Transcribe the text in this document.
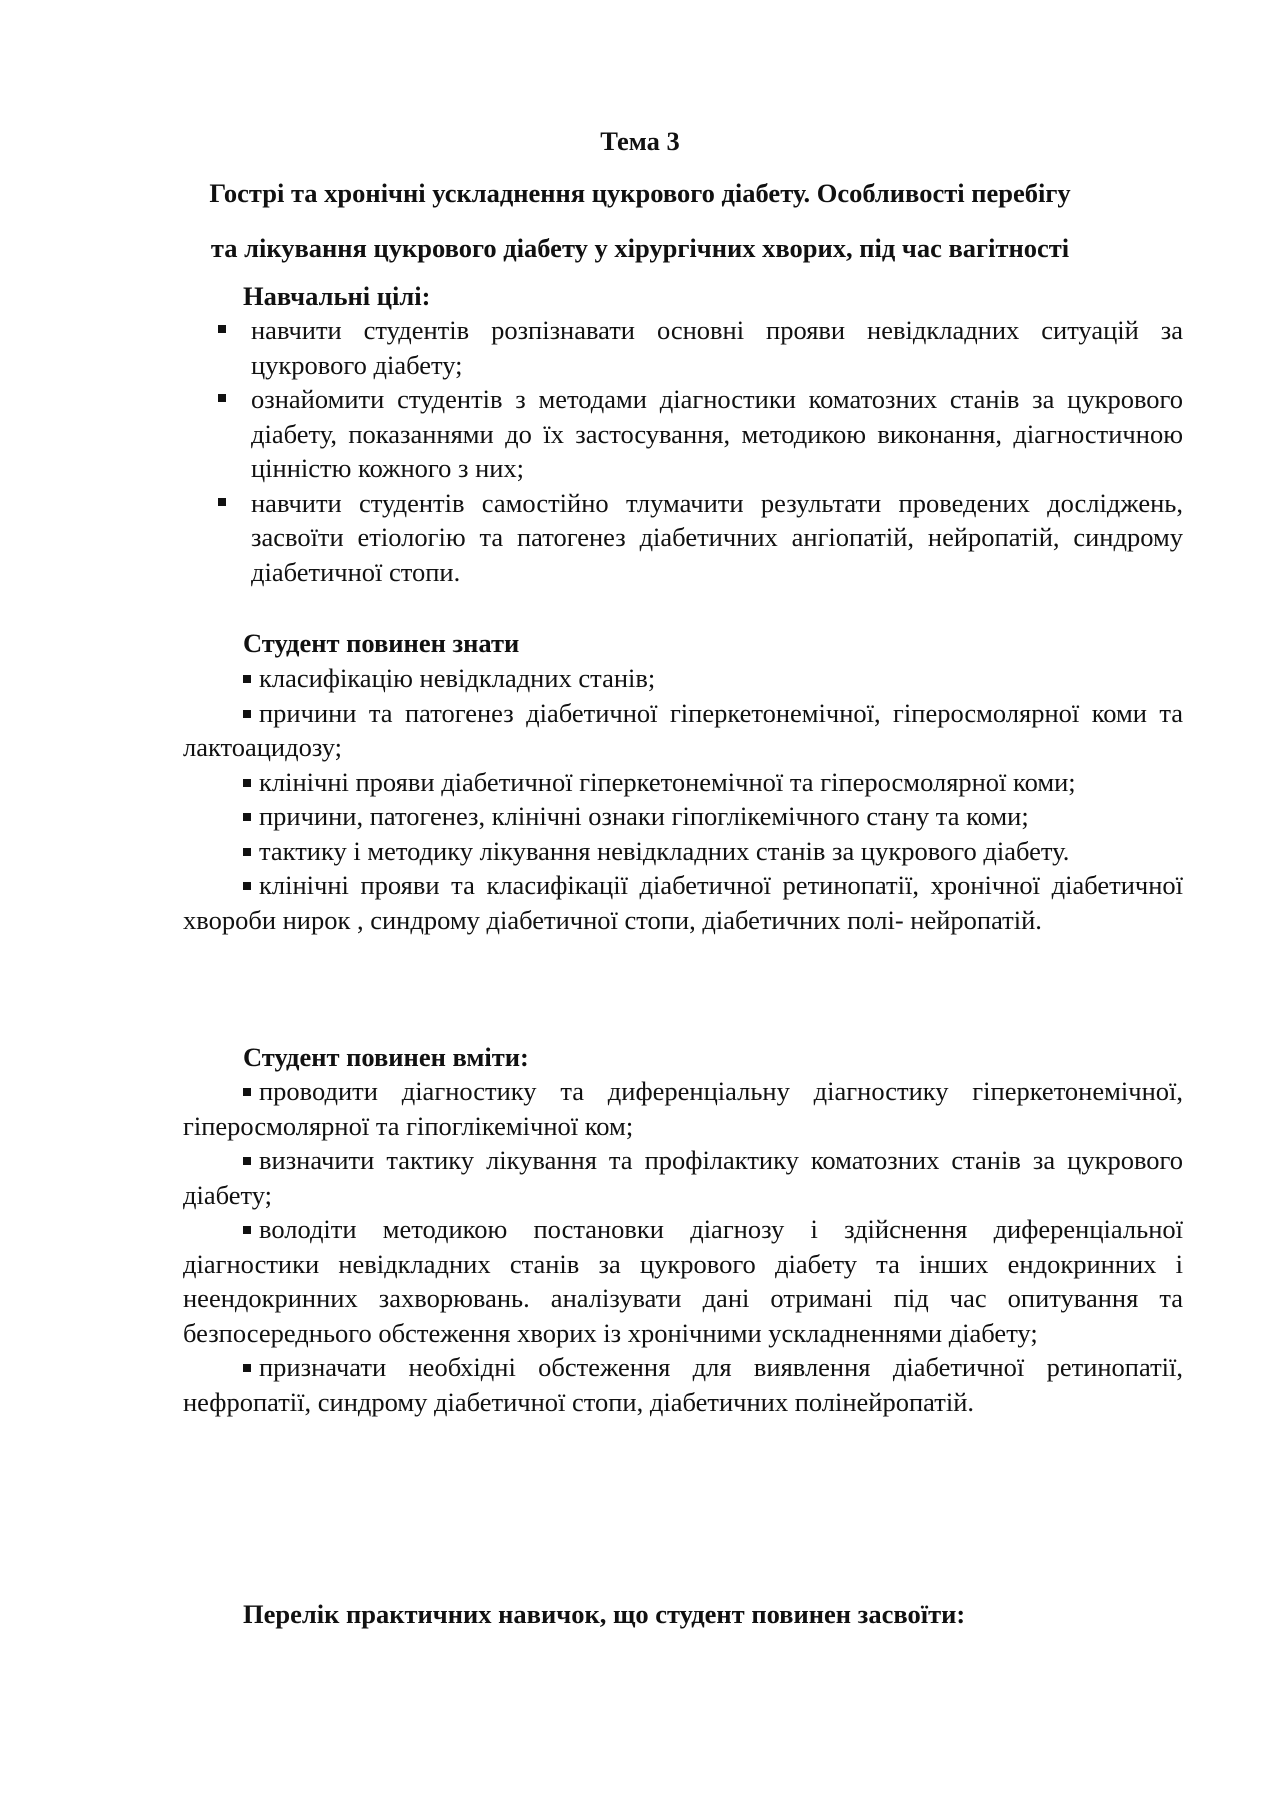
Тема 3
Гострі та хронічні ускладнення цукрового діабету. Особливості перебігу
та лікування цукрового діабету у хірургічних хворих, під час вагітності
Навчальні цілі:
навчити студентів розпізнавати основні прояви невідкладних ситуацій за цукрового діабету;
ознайомити студентів з методами діагностики коматозних станів за цукрового діабету, показаннями до їх застосування, методикою виконання, діагностичною цінністю кожного з них;
навчити студентів самостійно тлумачити результати проведених досліджень, засвоїти етіологію та патогенез діабетичних ангіопатій, нейропатій, синдрому діабетичної стопи.
Студент повинен знати
класифікацію невідкладних станів;
причини та патогенез діабетичної гіперкетонемічної, гіперосмолярної коми та лактоацидозу;
клінічні прояви діабетичної гіперкетонемічної та гіперосмолярної коми;
причини, патогенез, клінічні ознаки гіпоглікемічного стану та коми;
тактику і методику лікування невідкладних станів за цукрового діабету.
клінічні прояви та класифікації діабетичної ретинопатії, хронічної діабетичної хвороби нирок , синдрому діабетичної стопи, діабетичних полі- нейропатій.
Студент повинен вміти:
проводити діагностику та диференціальну діагностику гіперкетонемічної, гіперосмолярної та гіпоглікемічної ком;
визначити тактику лікування та профілактику коматозних станів за цукрового діабету;
володіти методикою постановки діагнозу і здійснення диференціальної діагностики невідкладних станів за цукрового діабету та інших ендокринних і неендокринних захворювань. аналізувати дані отримані під час опитування та безпосереднього обстеження хворих із хронічними ускладненнями діабету;
призначати необхідні обстеження для виявлення діабетичної ретинопатії, нефропатії, синдрому діабетичної стопи, діабетичних полінейропатій.
Перелік практичних навичок, що студент повинен засвоїти:
